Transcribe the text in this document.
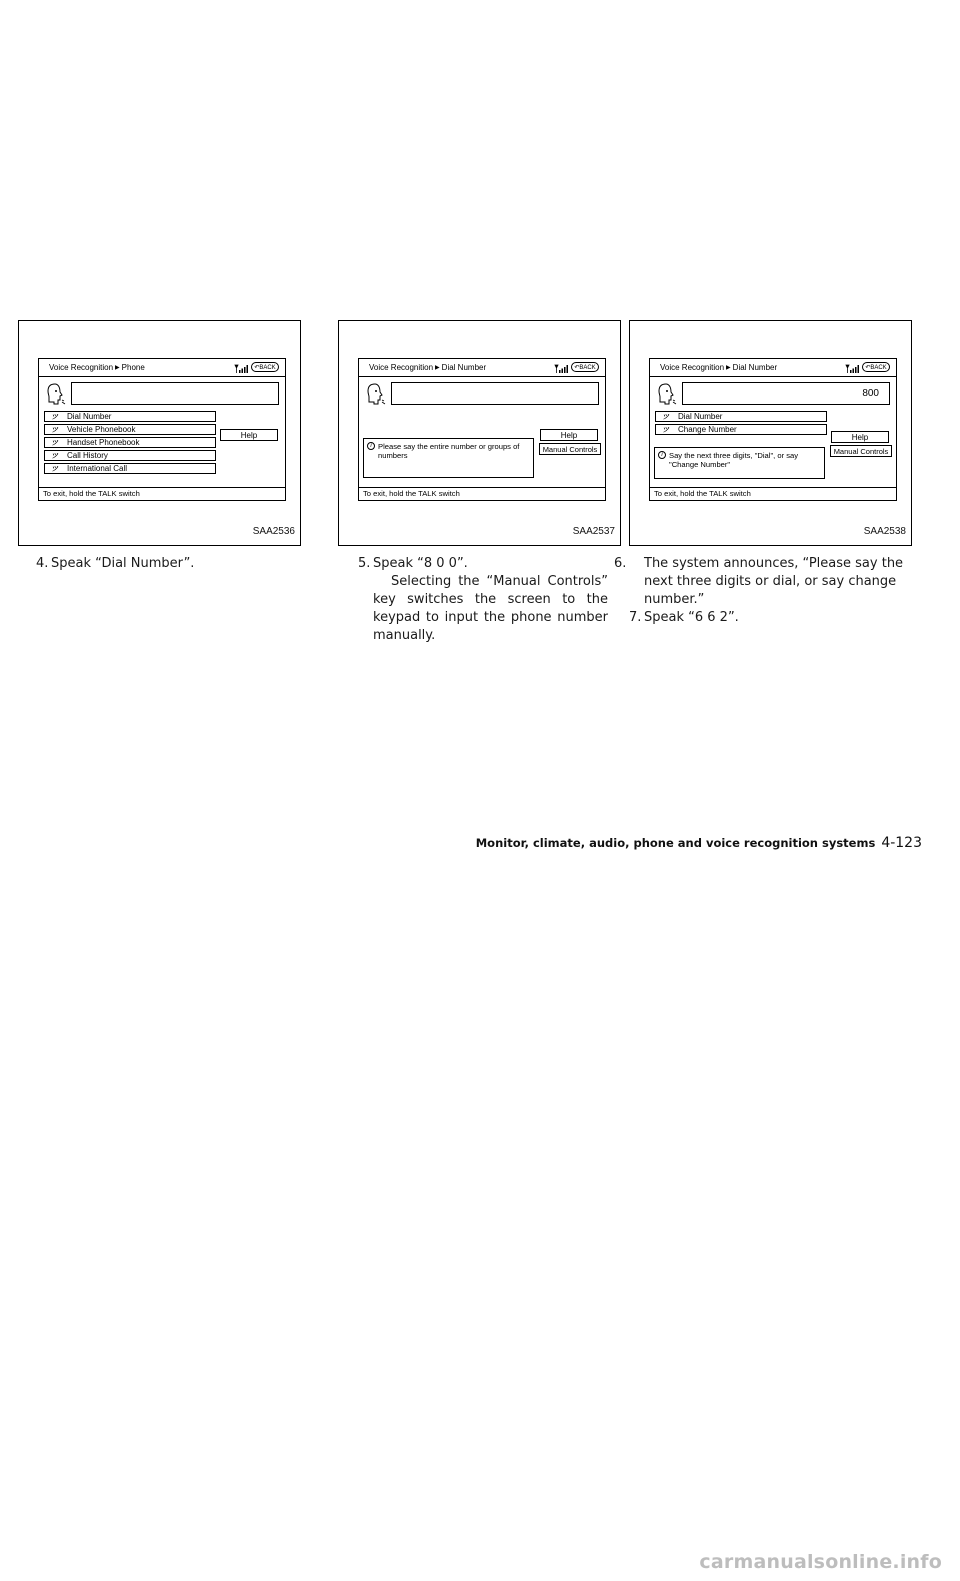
Voice Recognition ▶ Phone	↶BACK
ツ Dial Number
ツ Vehicle Phonebook
ツ Handset Phonebook
ツ Call History
ツ International Call
Help
To exit, hold the TALK switch
SAA2536
Voice Recognition ▶ Dial Number	↶BACK
i Please say the entire number or groups of numbers
Help
Manual Controls
To exit, hold the TALK switch
SAA2537
Voice Recognition ▶ Dial Number	↶BACK
800
ツ Dial Number
ツ Change Number
i Say the next three digits, "Dial", or say "Change Number"
Help
Manual Controls
To exit, hold the TALK switch
SAA2538

4. Speak “Dial Number”.	5. Speak “8 0 0”.

Selecting the “Manual Controls” key switches the screen to the keypad to input the phone number manually.

6. The system announces, “Please say the next three digits or dial, or say change number.”

7. Speak “6 6 2”.

Monitor, climate, audio, phone and voice recognition systems 4-123
carmanualsonline.info
